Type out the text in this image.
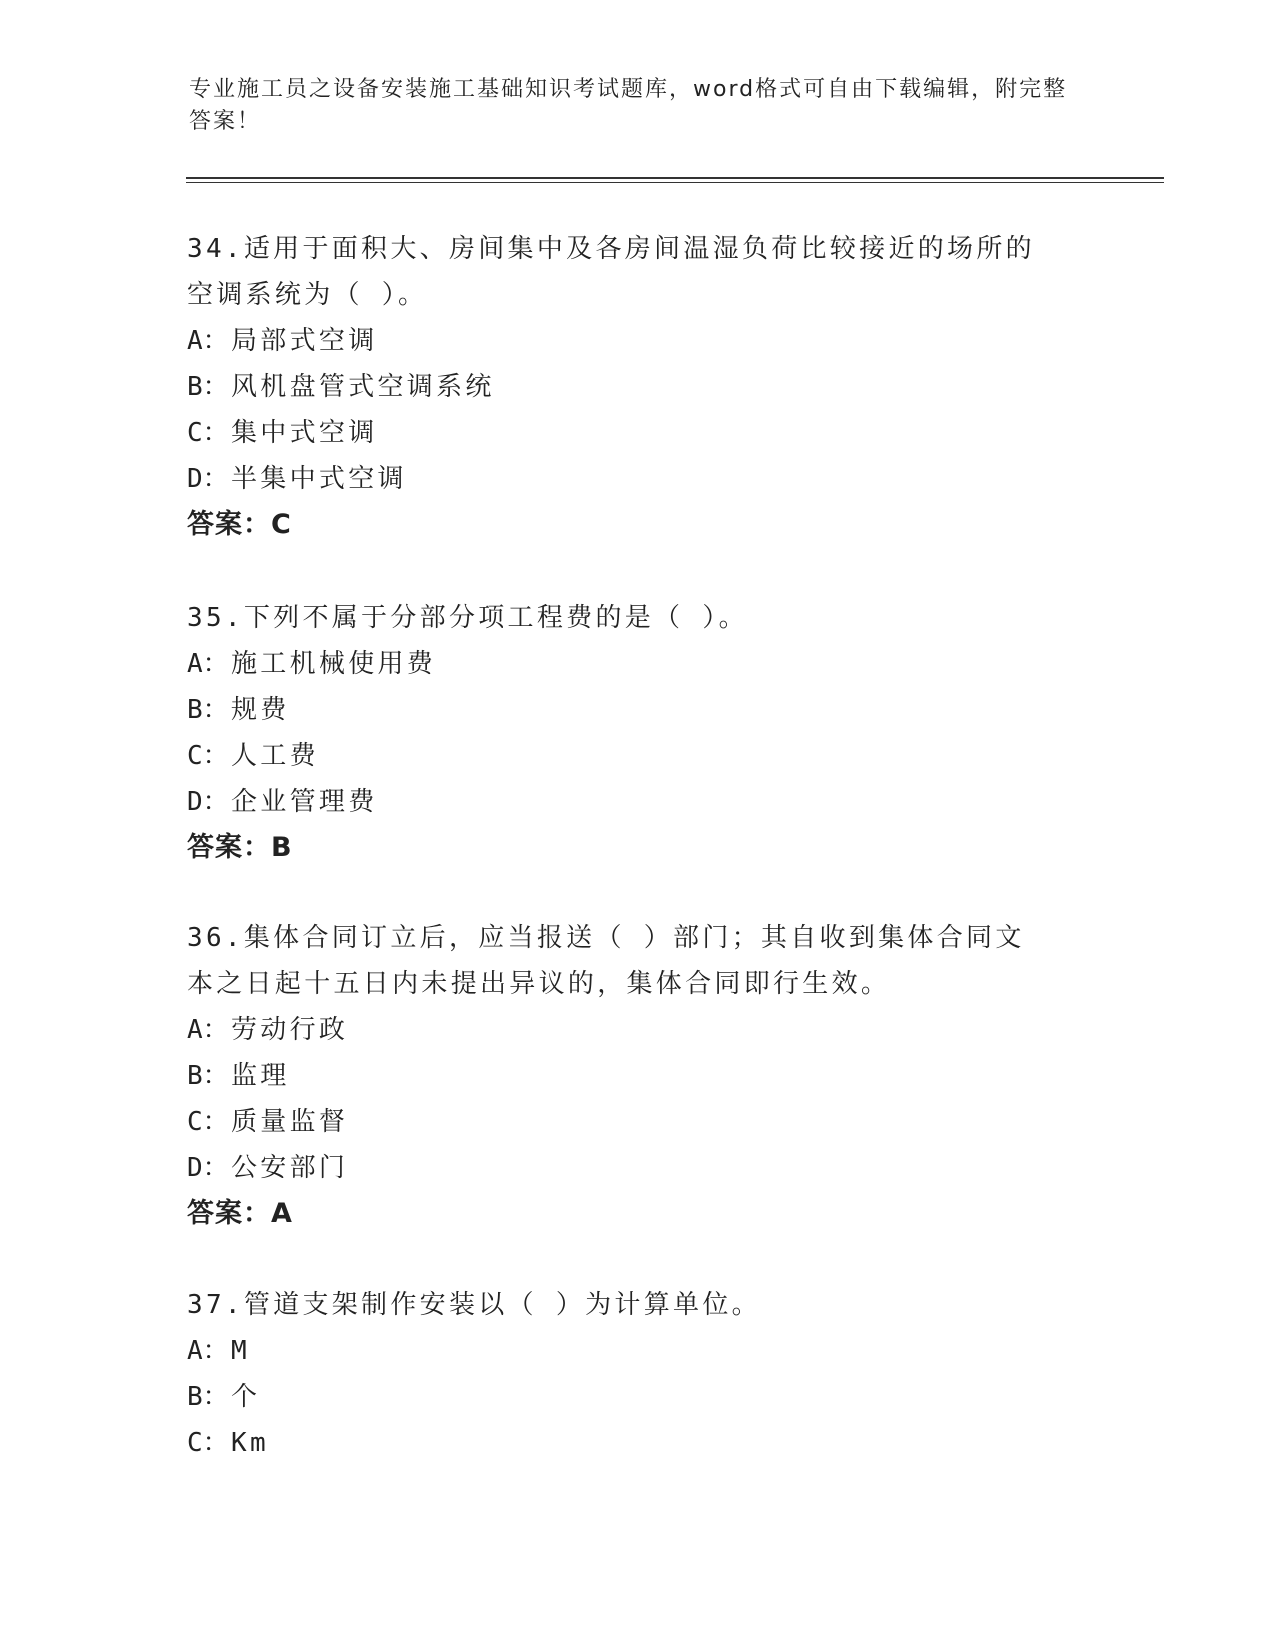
专业施工员之设备安装施工基础知识考试题库，word格式可自由下载编辑，附完整答案！

34.适用于面积大、房间集中及各房间温湿负荷比较接近的场所的空调系统为（ ）。

A：局部式空调

B：风机盘管式空调系统

C：集中式空调

D：半集中式空调

答案：C

35.下列不属于分部分项工程费的是（ ）。

A：施工机械使用费

B：规费

C：人工费

D：企业管理费

答案：B

36.集体合同订立后，应当报送（ ）部门；其自收到集体合同文本之日起十五日内未提出异议的，集体合同即行生效。

A：劳动行政

B：监理

C：质量监督

D：公安部门

答案：A

37.管道支架制作安装以（ ）为计算单位。

A：M

B：个

C：Km
